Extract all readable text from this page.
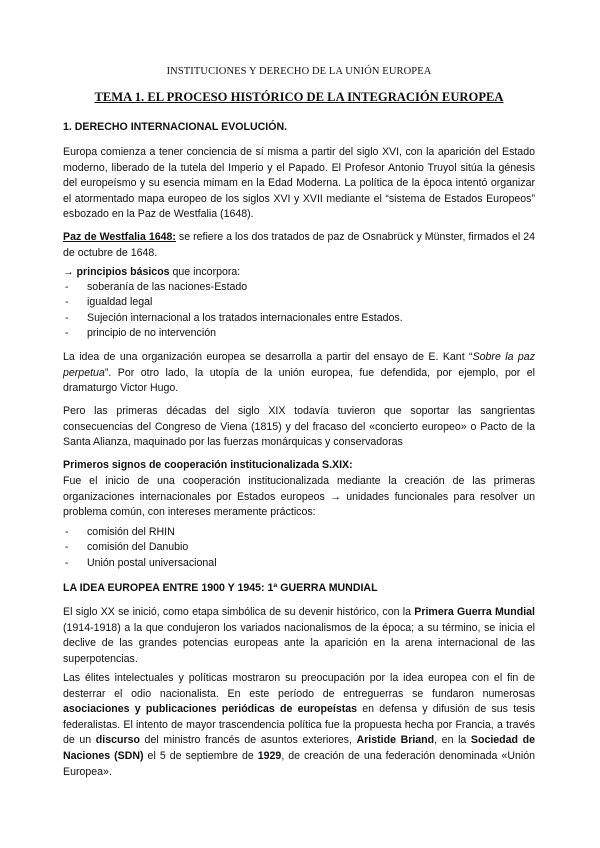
INSTITUCIONES Y DERECHO DE LA UNIÓN EUROPEA
TEMA 1. EL PROCESO HISTÓRICO DE LA INTEGRACIÓN EUROPEA
1. DERECHO INTERNACIONAL EVOLUCIÓN.

Europa comienza a tener conciencia de sí misma a partir del siglo XVI, con la aparición del Estado moderno, liberado de la tutela del Imperio y el Papado. El Profesor Antonio Truyol sitúa la génesis del europeísmo y su esencia mimam en la Edad Moderna. La política de la época intentó organizar el atormentado mapa europeo de los siglos XVI y XVII mediante el “sistema de Estados Europeos” esbozado en la Paz de Westfalia (1648).

Paz de Westfalia 1648: se refiere a los dos tratados de paz de Osnabrück y Münster, firmados el 24 de octubre de 1648.

→ principios básicos que incorpora:
- soberanía de las naciones-Estado
- igualdad legal
- Sujeción internacional a los tratados internacionales entre Estados.
- principio de no intervención

La idea de una organización europea se desarrolla a partir del ensayo de E. Kant “Sobre la paz perpetua”. Por otro lado, la utopía de la unión europea, fue defendida, por ejemplo, por el dramaturgo Victor Hugo.

Pero las primeras décadas del siglo XIX todavía tuvieron que soportar las sangrientas consecuencias del Congreso de Viena (1815) y del fracaso del «concierto europeo» o Pacto de la Santa Alianza, maquinado por las fuerzas monárquicas y conservadoras

Primeros signos de cooperación institucionalizada S.XIX:

Fue el inicio de una cooperación institucionalizada mediante la creación de las primeras organizaciones internacionales por Estados europeos → unidades funcionales para resolver un problema común, con intereses meramente prácticos:

- comisión del RHIN
- comisión del Danubio
- Unión postal universacional
LA IDEA EUROPEA ENTRE 1900 Y 1945: 1ª GUERRA MUNDIAL

El siglo XX se inició, como etapa simbólica de su devenir histórico, con la Primera Guerra Mundial (1914-1918) a la que condujeron los variados nacionalismos de la época; a su término, se inicia el declive de las grandes potencias europeas ante la aparición en la arena internacional de las superpotencias.

Las élites intelectuales y políticas mostraron su preocupación por la idea europea con el fin de desterrar el odio nacionalista. En este período de entreguerras se fundaron numerosas asociaciones y publicaciones periódicas de europeístas en defensa y difusión de sus tesis federalistas. El intento de mayor trascendencia política fue la propuesta hecha por Francia, a través de un discurso del ministro francés de asuntos exteriores, Aristide Briand, en la Sociedad de Naciones (SDN) el 5 de septiembre de 1929, de creación de una federación denominada «Unión Europea».
